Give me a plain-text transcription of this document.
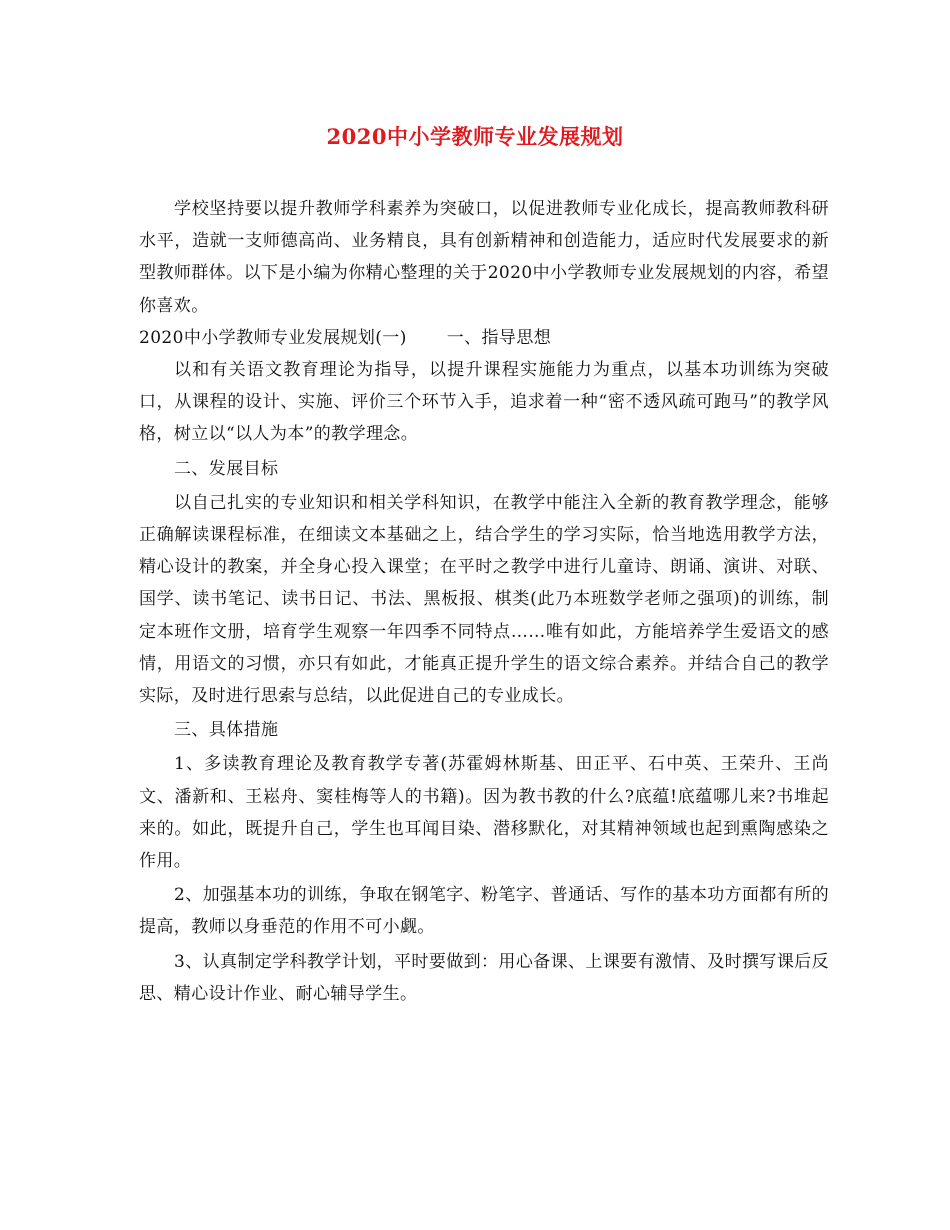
2020中小学教师专业发展规划

学校坚持要以提升教师学科素养为突破口，以促进教师专业化成长，提高教师教科研水平，造就一支师德高尚、业务精良，具有创新精神和创造能力，适应时代发展要求的新型教师群体。以下是小编为你精心整理的关于2020中小学教师专业发展规划的内容，希望你喜欢。

2020中小学教师专业发展规划(一) 一、指导思想

以和有关语文教育理论为指导，以提升课程实施能力为重点，以基本功训练为突破口，从课程的设计、实施、评价三个环节入手，追求着一种“密不透风疏可跑马”的教学风格，树立以“以人为本”的教学理念。

二、发展目标

以自己扎实的专业知识和相关学科知识，在教学中能注入全新的教育教学理念，能够正确解读课程标准，在细读文本基础之上，结合学生的学习实际，恰当地选用教学方法，精心设计的教案，并全身心投入课堂；在平时之教学中进行儿童诗、朗诵、演讲、对联、国学、读书笔记、读书日记、书法、黑板报、棋类(此乃本班数学老师之强项)的训练，制定本班作文册，培育学生观察一年四季不同特点……唯有如此，方能培养学生爱语文的感情，用语文的习惯，亦只有如此，才能真正提升学生的语文综合素养。并结合自己的教学实际，及时进行思索与总结，以此促进自己的专业成长。

三、具体措施

1、多读教育理论及教育教学专著(苏霍姆林斯基、田正平、石中英、王荣升、王尚文、潘新和、王崧舟、窦桂梅等人的书籍)。因为教书教的什么?底蕴!底蕴哪儿来?书堆起来的。如此，既提升自己，学生也耳闻目染、潜移默化，对其精神领域也起到熏陶感染之作用。

2、加强基本功的训练，争取在钢笔字、粉笔字、普通话、写作的基本功方面都有所的提高，教师以身垂范的作用不可小觑。

3、认真制定学科教学计划，平时要做到：用心备课、上课要有激情、及时撰写课后反思、精心设计作业、耐心辅导学生。
